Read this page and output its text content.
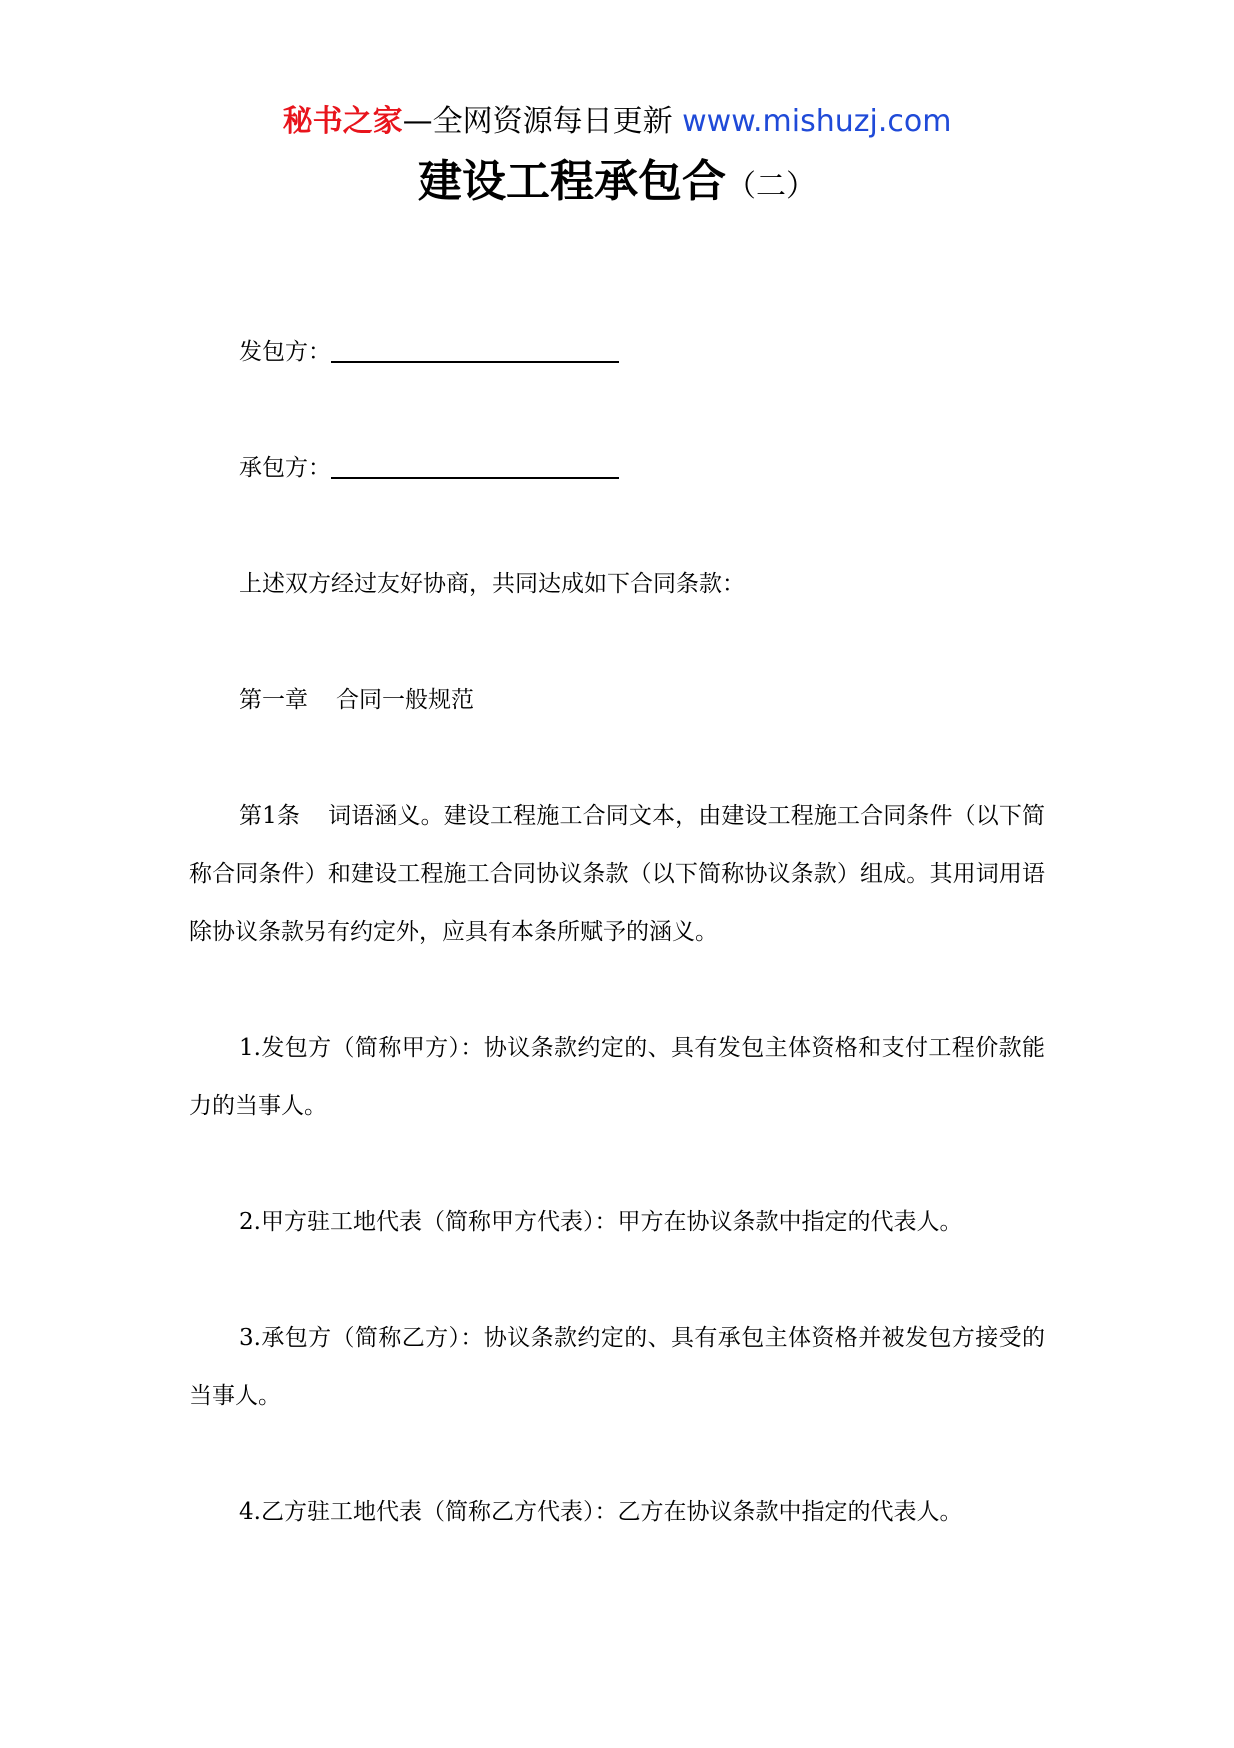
秘书之家—全网资源每日更新 www.mishuzj.com
建设工程承包合（二）

发包方：

承包方：

上述双方经过友好协商，共同达成如下合同条款：

第一章 合同一般规范

第1条 词语涵义。建设工程施工合同文本，由建设工程施工合同条件（以下简称合同条件）和建设工程施工合同协议条款（以下简称协议条款）组成。其用词用语除协议条款另有约定外，应具有本条所赋予的涵义。

1.发包方（简称甲方）：协议条款约定的、具有发包主体资格和支付工程价款能力的当事人。

2.甲方驻工地代表（简称甲方代表）：甲方在协议条款中指定的代表人。

3.承包方（简称乙方）：协议条款约定的、具有承包主体资格并被发包方接受的当事人。

4.乙方驻工地代表（简称乙方代表）：乙方在协议条款中指定的代表人。
